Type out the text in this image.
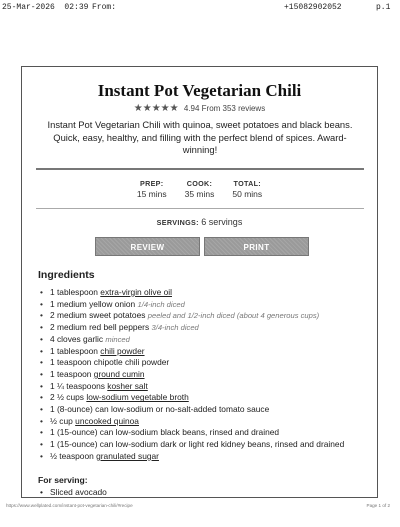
25-Mar-2026  02:39 From:	+15082902052	p.1
Instant Pot Vegetarian Chili
★★★★★ 4.94 From 353 reviews
Instant Pot Vegetarian Chili with quinoa, sweet potatoes and black beans. Quick, easy, healthy, and filling with the perfect blend of spices. Award-winning!
PREP:
15 mins
COOK:
35 mins
TOTAL:
50 mins
SERVINGS: 6 servings
REVIEW	PRINT
Ingredients
• 1 tablespoon extra-virgin olive oil
• 1 medium yellow onion 1/4-inch diced
• 2 medium sweet potatoes peeled and 1/2-inch diced (about 4 generous cups)
• 2 medium red bell peppers 3/4-inch diced
• 4 cloves garlic minced
• 1 tablespoon chili powder
• 1 teaspoon chipotle chili powder
• 1 teaspoon ground cumin
• 1 ¼ teaspoons kosher salt
• 2 ½ cups low-sodium vegetable broth
• 1 (8-ounce) can low-sodium or no-salt-added tomato sauce
• ½ cup uncooked quinoa
• 1 (15-ounce) can low-sodium black beans, rinsed and drained
• 1 (15-ounce) can low-sodium dark or light red kidney beans, rinsed and drained
• ½ teaspoon granulated sugar
For serving:
• Sliced avocado
https://www.wellplated.com/instant-pot-vegetarian-chili/#recipe	Page 1 of 2
